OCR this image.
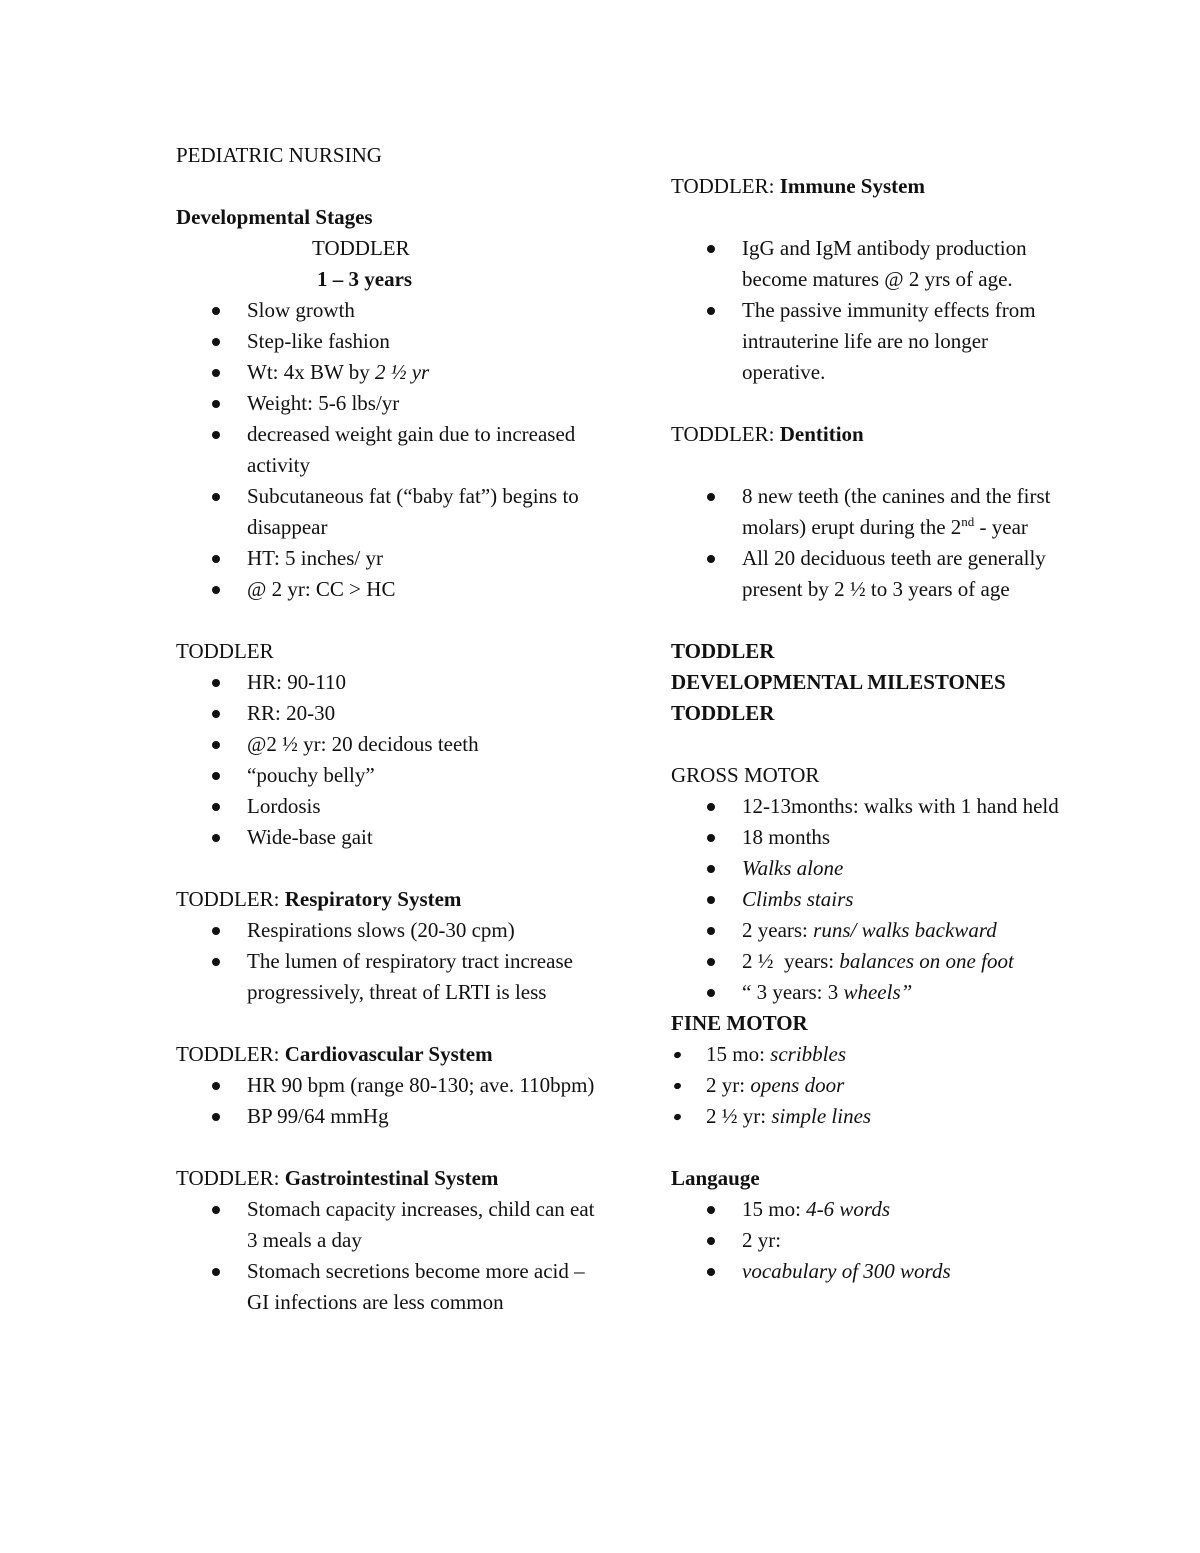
PEDIATRIC NURSING
Developmental Stages
TODDLER
1 – 3 years
Slow growth
Step-like fashion
Wt: 4x BW by 2 ½ yr
Weight: 5-6 lbs/yr
decreased weight gain due to increased activity
Subcutaneous fat (“baby fat”) begins to disappear
HT: 5 inches/ yr
@ 2 yr: CC > HC
TODDLER
HR: 90-110
RR: 20-30
@2 ½ yr: 20 decidous teeth
“pouchy belly”
Lordosis
Wide-base gait
TODDLER: Respiratory System
Respirations slows (20-30 cpm)
The lumen of respiratory tract increase progressively, threat of LRTI is less
TODDLER: Cardiovascular System
HR 90 bpm (range 80-130; ave. 110bpm)
BP 99/64 mmHg
TODDLER: Gastrointestinal System
Stomach capacity increases, child can eat 3 meals a day
Stomach secretions become more acid – GI infections are less common
TODDLER: Immune System
IgG and IgM antibody production become matures @ 2 yrs of age.
The passive immunity effects from intrauterine life are no longer        operative.
TODDLER: Dentition
8 new teeth (the canines and the first molars) erupt during the 2nd - year
All 20 deciduous teeth are generally present by 2 ½ to 3 years of age
TODDLER
DEVELOPMENTAL MILESTONES
TODDLER
GROSS MOTOR
12-13months: walks with 1 hand held
18 months
Walks alone
Climbs stairs
2 years: runs/ walks backward
2 ½  years: balances on one foot
“ 3 years: 3 wheels”
FINE MOTOR
15 mo: scribbles
2 yr: opens door
2 ½ yr: simple lines
Langauge
15 mo: 4-6 words
2 yr:
vocabulary of 300 words
